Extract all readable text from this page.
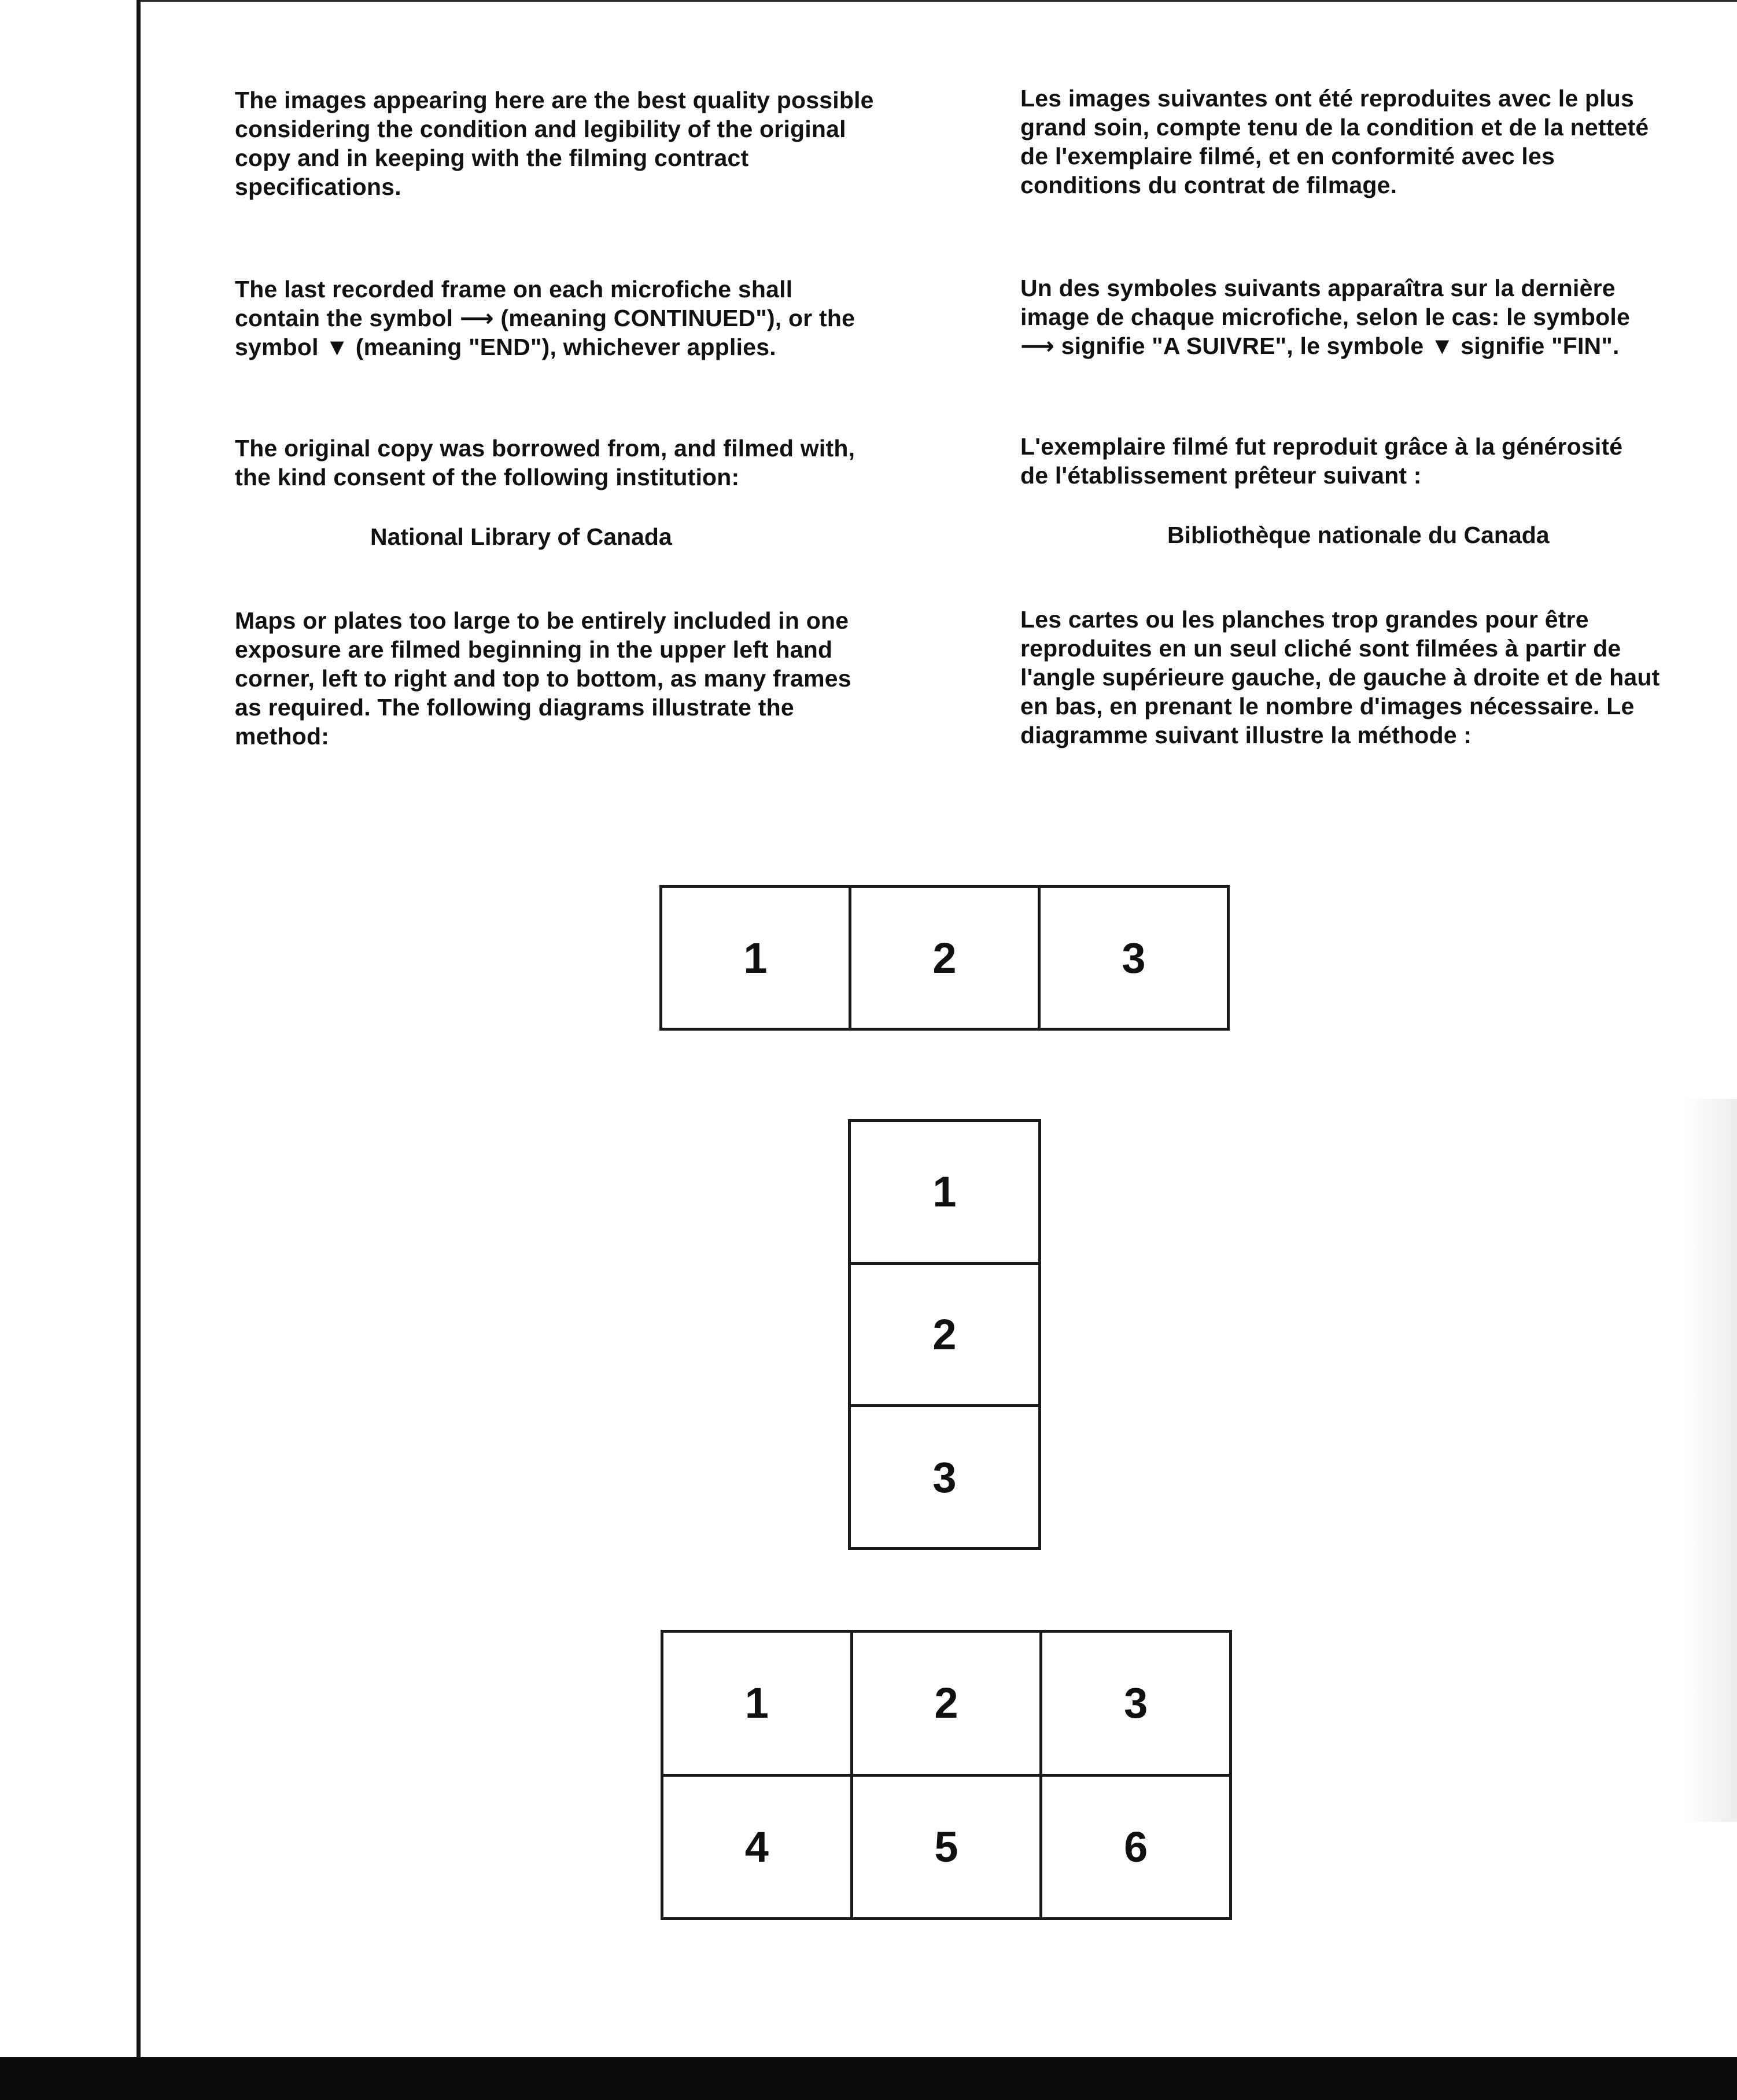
The images appearing here are the best quality possible considering the condition and legibility of the original copy and in keeping with the filming contract specifications.

The last recorded frame on each microfiche shall contain the symbol ⟶ (meaning CONTINUED"), or the symbol ▼ (meaning "END"), whichever applies.

The original copy was borrowed from, and filmed with, the kind consent of the following institution:

National Library of Canada

Maps or plates too large to be entirely included in one exposure are filmed beginning in the upper left hand corner, left to right and top to bottom, as many frames as required. The following diagrams illustrate the method:

Les images suivantes ont été reproduites avec le plus grand soin, compte tenu de la condition et de la netteté de l'exemplaire filmé, et en conformité avec les conditions du contrat de filmage.

Un des symboles suivants apparaîtra sur la dernière image de chaque microfiche, selon le cas: le symbole ⟶ signifie "A SUIVRE", le symbole ▼ signifie "FIN".

L'exemplaire filmé fut reproduit grâce à la générosité de l'établissement prêteur suivant :

Bibliothèque nationale du Canada

Les cartes ou les planches trop grandes pour être reproduites en un seul cliché sont filmées à partir de l'angle supérieure gauche, de gauche à droite et de haut en bas, en prenant le nombre d'images nécessaire. Le diagramme suivant illustre la méthode :

1	2	3
1
2
3
1	2	3
4	5	6
